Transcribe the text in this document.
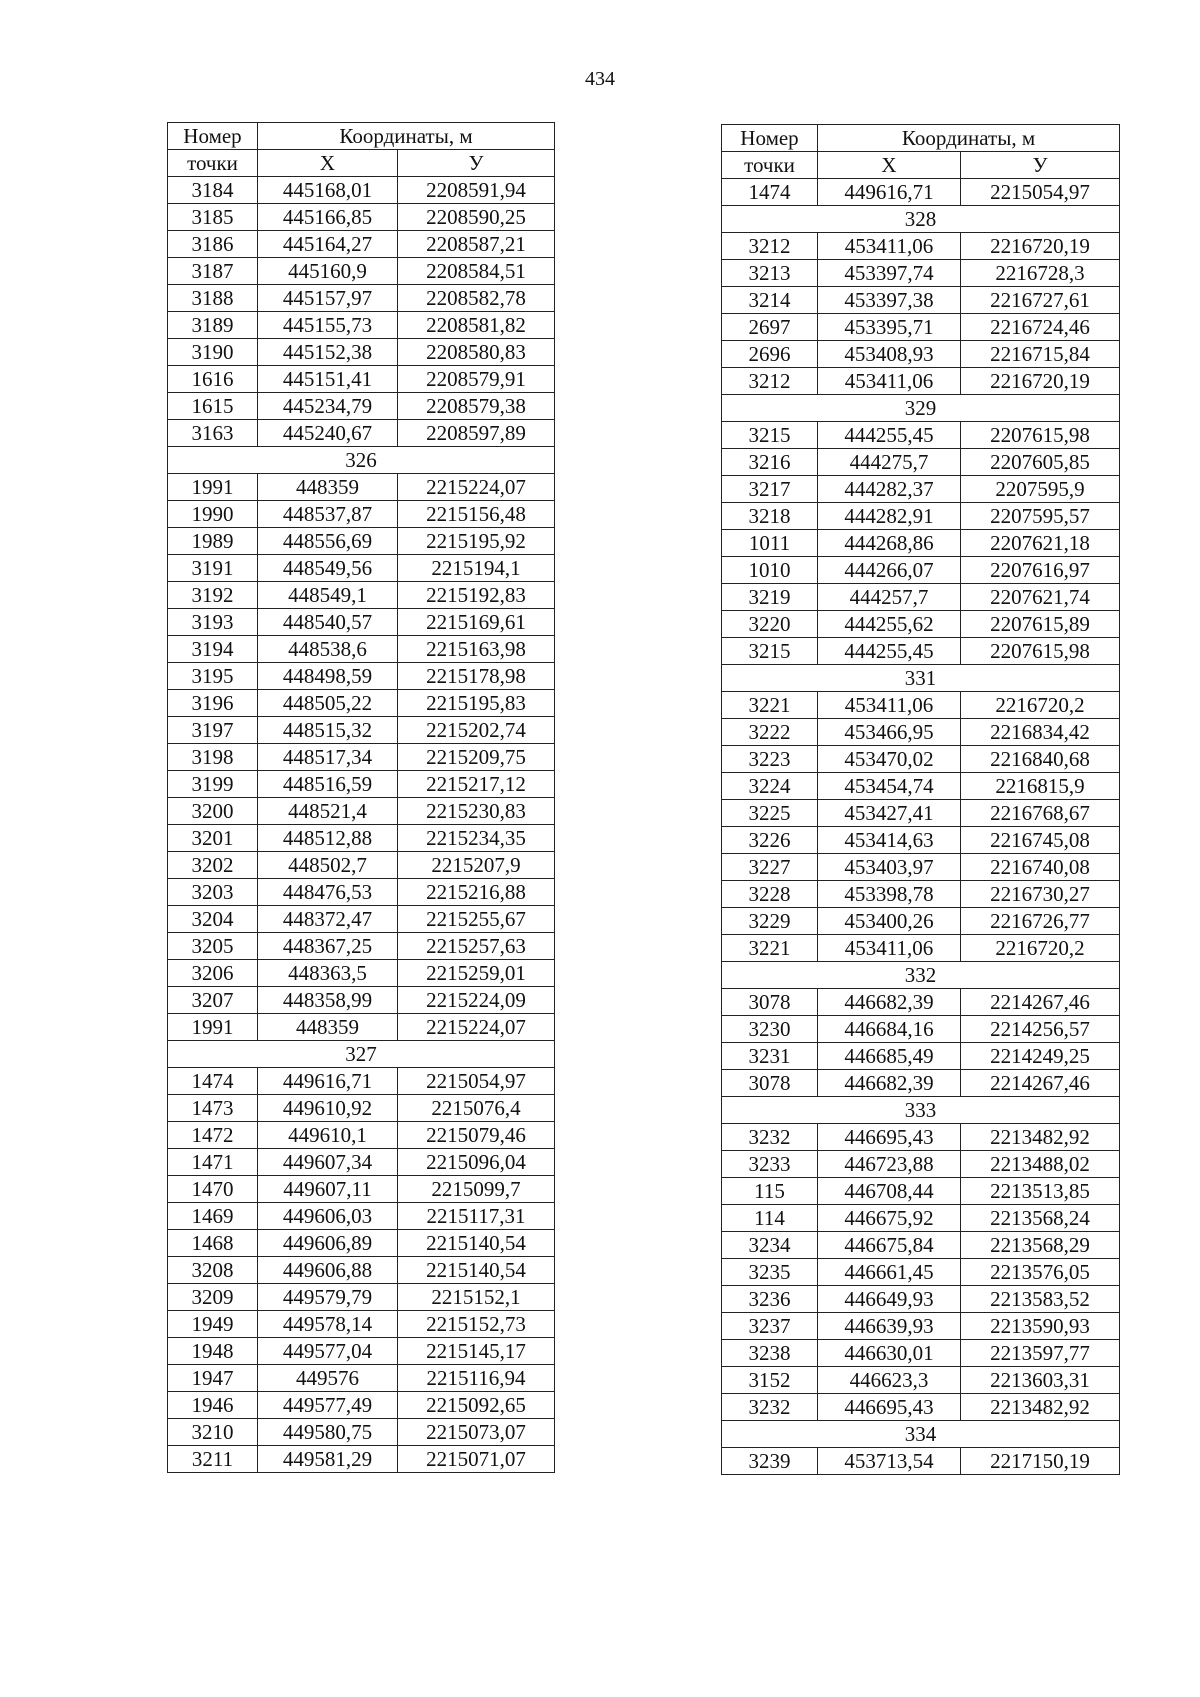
434
Номер	Координаты, м	
точки	Х	У
3184	445168,01	2208591,94
3185	445166,85	2208590,25
3186	445164,27	2208587,21
3187	445160,9	2208584,51
3188	445157,97	2208582,78
3189	445155,73	2208581,82
3190	445152,38	2208580,83
1616	445151,41	2208579,91
1615	445234,79	2208579,38
3163	445240,67	2208597,89
326		
1991	448359	2215224,07
1990	448537,87	2215156,48
1989	448556,69	2215195,92
3191	448549,56	2215194,1
3192	448549,1	2215192,83
3193	448540,57	2215169,61
3194	448538,6	2215163,98
3195	448498,59	2215178,98
3196	448505,22	2215195,83
3197	448515,32	2215202,74
3198	448517,34	2215209,75
3199	448516,59	2215217,12
3200	448521,4	2215230,83
3201	448512,88	2215234,35
3202	448502,7	2215207,9
3203	448476,53	2215216,88
3204	448372,47	2215255,67
3205	448367,25	2215257,63
3206	448363,5	2215259,01
3207	448358,99	2215224,09
1991	448359	2215224,07
327		
1474	449616,71	2215054,97
1473	449610,92	2215076,4
1472	449610,1	2215079,46
1471	449607,34	2215096,04
1470	449607,11	2215099,7
1469	449606,03	2215117,31
1468	449606,89	2215140,54
3208	449606,88	2215140,54
3209	449579,79	2215152,1
1949	449578,14	2215152,73
1948	449577,04	2215145,17
1947	449576	2215116,94
1946	449577,49	2215092,65
3210	449580,75	2215073,07
3211	449581,29	2215071,07
Номер	Координаты, м	
точки	Х	У
1474	449616,71	2215054,97
328		
3212	453411,06	2216720,19
3213	453397,74	2216728,3
3214	453397,38	2216727,61
2697	453395,71	2216724,46
2696	453408,93	2216715,84
3212	453411,06	2216720,19
329		
3215	444255,45	2207615,98
3216	444275,7	2207605,85
3217	444282,37	2207595,9
3218	444282,91	2207595,57
1011	444268,86	2207621,18
1010	444266,07	2207616,97
3219	444257,7	2207621,74
3220	444255,62	2207615,89
3215	444255,45	2207615,98
331		
3221	453411,06	2216720,2
3222	453466,95	2216834,42
3223	453470,02	2216840,68
3224	453454,74	2216815,9
3225	453427,41	2216768,67
3226	453414,63	2216745,08
3227	453403,97	2216740,08
3228	453398,78	2216730,27
3229	453400,26	2216726,77
3221	453411,06	2216720,2
332		
3078	446682,39	2214267,46
3230	446684,16	2214256,57
3231	446685,49	2214249,25
3078	446682,39	2214267,46
333		
3232	446695,43	2213482,92
3233	446723,88	2213488,02
115	446708,44	2213513,85
114	446675,92	2213568,24
3234	446675,84	2213568,29
3235	446661,45	2213576,05
3236	446649,93	2213583,52
3237	446639,93	2213590,93
3238	446630,01	2213597,77
3152	446623,3	2213603,31
3232	446695,43	2213482,92
334		
3239	453713,54	2217150,19
